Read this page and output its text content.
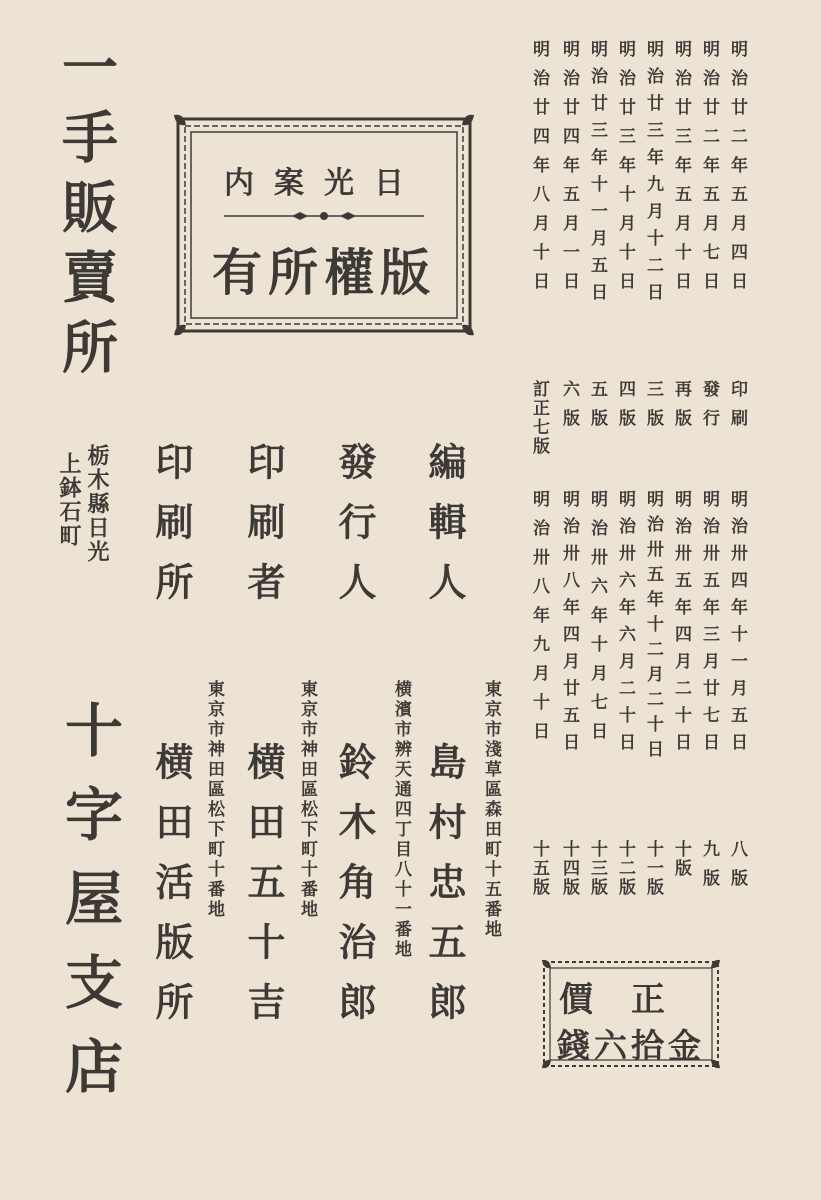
一手販賣所
栃木縣日光
上鉢石町
十字屋支店
日光案内
版權所有
編輯人
島村忠五郎 東京市淺草區森田町十五番地
發行人
鈴木角治郎 横濱市辨天通四丁目八十一番地
印刷者
横田五十吉 東京市神田區松下町十番地
印刷所
横田活版所 東京市神田區松下町十番地
明治廿二年五月四日
印刷
明治廿二年五月七日
發行
明治廿三年五月十日
再版
明治廿三年九月十二日
三版
明治廿三年十月十日
四版
明治廿三年十一月五日
五版
明治廿四年五月一日
六版
明治廿四年八月十日
訂正七版
明治卅四年十一月五日
八版
明治卅五年三月廿七日
九版
明治卅五年四月二十日
十版
明治卅五年十二月二十日
十一版
明治卅六年六月二十日
十二版
明治卅六年十月七日
十三版
明治卅八年四月廿五日
十四版
明治卅八年九月十日
十五版
正價
金拾六錢
